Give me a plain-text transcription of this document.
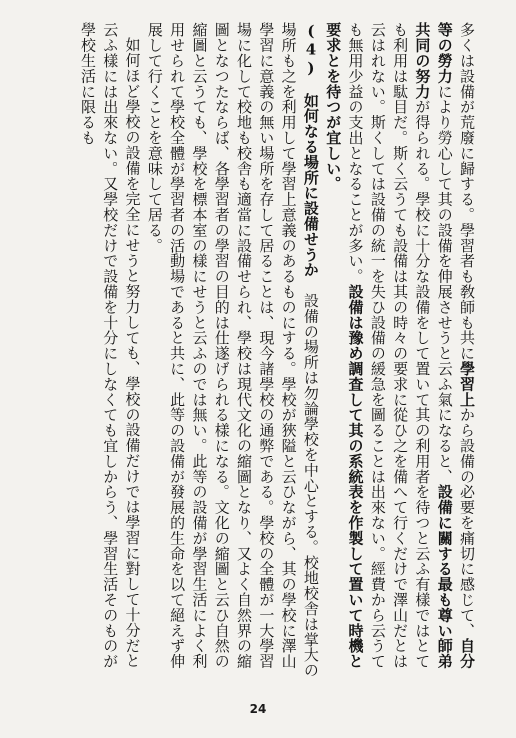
多くは設備が荒廢に歸する。學習者も敎師も共に學習上から設備の必要を痛切に感じて、自分等の勞力により勞心して其の設備を伸展させうと云ふ氣になると、設備に關する最も尊い師弟共同の努力が得られる。學校に十分な設備をして置いて其の利用者を待つと云ふ有樣ではとても利用は駄目だ。斯く云うても設備は其の時々の要求に從ひ之を備へて行くだけで澤山だとは云はれない。斯くしては設備の統一を失ひ設備の緩急を圖ることは出來ない。經費から云うても無用少益の支出となることが多い。設備は豫め調査して其の系統表を作製して置いて時機と要求とを待つが宜しい。

(4)　如何なる場所に設備せうか　設備の場所は勿論學校を中心とする。校地校舎は掌大の場所も之を利用して學習上意義のあるものにする。學校が狹隘と云ひながら、其の學校に澤山學習に意義の無い場所を存して居ることは、現今諸學校の通弊である。學校の全體が一大學習場に化して校地も校舎も適當に設備せられ、學校は現代文化の縮圖となり、又よく自然界の縮圖となつたならば、各學習者の學習の目的は仕遂げられる樣になる。文化の縮圖と云ひ自然の縮圖と云うても、學校を標本室の樣にせうと云ふのでは無い。此等の設備が學習生活によく利用せられて學校全體が學習者の活動場であると共に、此等の設備が發展的生命を以て絕えず伸展して行くことを意味して居る。

如何ほど學校の設備を完全にせうと努力しても、學校の設備だけでは學習に對して十分だと云ふ樣には出來ない。又學校だけで設備を十分にしなくても宜しからう、學習生活そのものが學校生活に限るも

24
